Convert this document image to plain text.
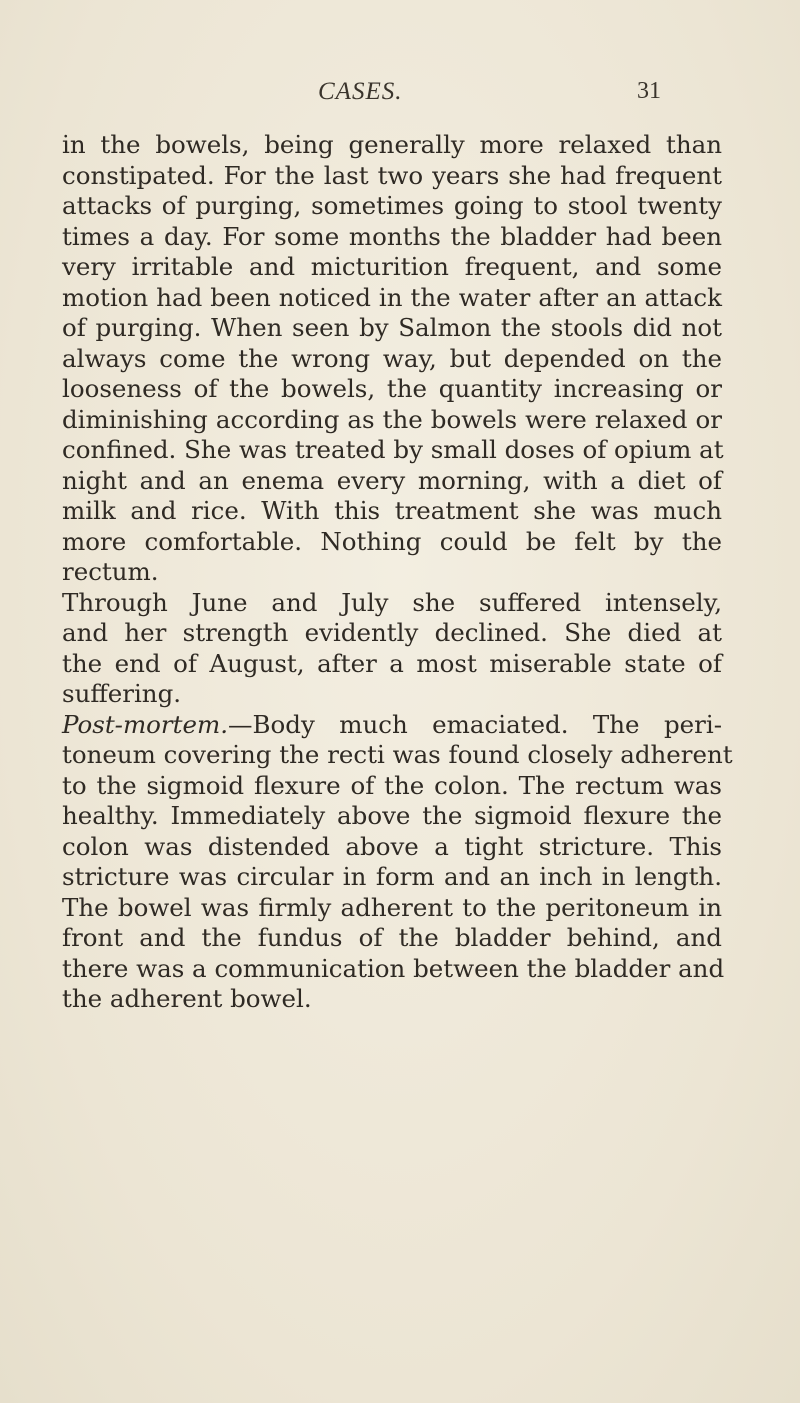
CASES.	31
in the bowels, being generally more relaxed than
constipated. For the last two years she had frequent
attacks of purging, sometimes going to stool twenty
times a day. For some months the bladder had been
very irritable and micturition frequent, and some
motion had been noticed in the water after an attack
of purging. When seen by Salmon the stools did not
always come the wrong way, but depended on the
looseness of the bowels, the quantity increasing or
diminishing according as the bowels were relaxed or
confined. She was treated by small doses of opium at
night and an enema every morning, with a diet of
milk and rice. With this treatment she was much
more comfortable. Nothing could be felt by the
rectum.
Through June and July she suffered intensely,
and her strength evidently declined. She died at
the end of August, after a most miserable state of
suffering.
Post-mortem.—Body much emaciated. The peri-
toneum covering the recti was found closely adherent
to the sigmoid flexure of the colon. The rectum was
healthy. Immediately above the sigmoid flexure the
colon was distended above a tight stricture. This
stricture was circular in form and an inch in length.
The bowel was firmly adherent to the peritoneum in
front and the fundus of the bladder behind, and
there was a communication between the bladder and
the adherent bowel.
